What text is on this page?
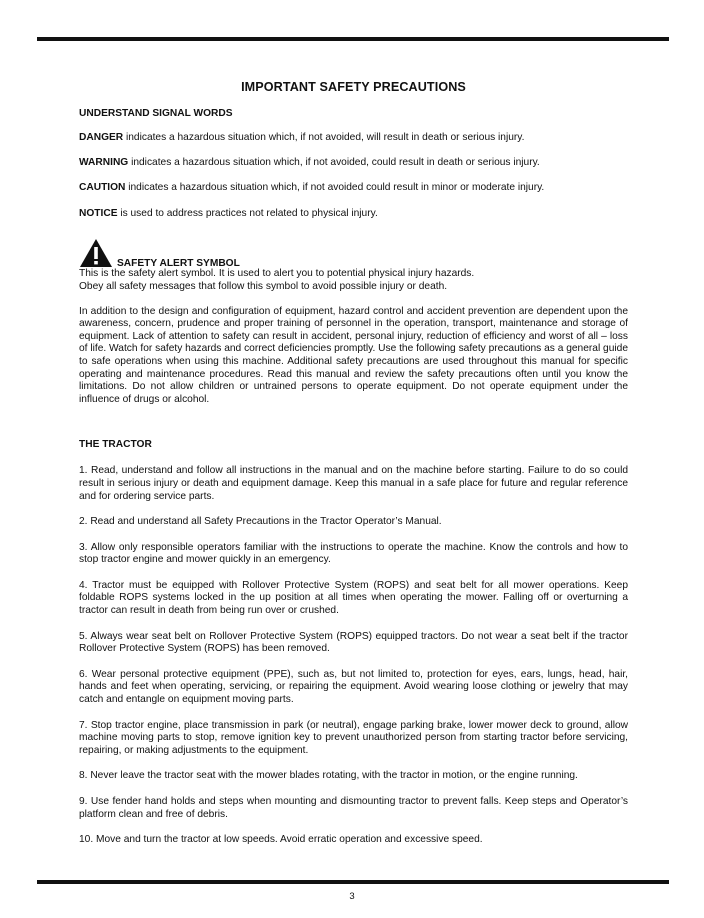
IMPORTANT SAFETY PRECAUTIONS
UNDERSTAND SIGNAL WORDS

DANGER indicates a hazardous situation which, if not avoided, will result in death or serious injury.

WARNING indicates a hazardous situation which, if not avoided, could result in death or serious injury.

CAUTION indicates a hazardous situation which, if not avoided could result in minor or moderate injury.

NOTICE is used to address practices not related to physical injury.

SAFETY ALERT SYMBOL

This is the safety alert symbol. It is used to alert you to potential physical injury hazards.

Obey all safety messages that follow this symbol to avoid possible injury or death.

In addition to the design and configuration of equipment, hazard control and accident prevention are dependent upon the awareness, concern, prudence and proper training of personnel in the operation, transport, maintenance and storage of equipment. Lack of attention to safety can result in accident, personal injury, reduction of efficiency and worst of all – loss of life. Watch for safety hazards and correct deficiencies promptly. Use the following safety precautions as a general guide to safe operations when using this machine. Additional safety precautions are used throughout this manual for specific operating and maintenance procedures. Read this manual and review the safety precautions often until you know the limitations. Do not allow children or untrained persons to operate equipment. Do not operate equipment under the influence of drugs or alcohol.

THE TRACTOR

1. Read, understand and follow all instructions in the manual and on the machine before starting. Failure to do so could result in serious injury or death and equipment damage. Keep this manual in a safe place for future and regular reference and for ordering service parts.

2. Read and understand all Safety Precautions in the Tractor Operator’s Manual.

3. Allow only responsible operators familiar with the instructions to operate the machine. Know the controls and how to stop tractor engine and mower quickly in an emergency.

4. Tractor must be equipped with Rollover Protective System (ROPS) and seat belt for all mower operations. Keep foldable ROPS systems locked in the up position at all times when operating the mower. Falling off or overturning a tractor can result in death from being run over or crushed.

5. Always wear seat belt on Rollover Protective System (ROPS) equipped tractors. Do not wear a seat belt if the tractor Rollover Protective System (ROPS) has been removed.

6. Wear personal protective equipment (PPE), such as, but not limited to, protection for eyes, ears, lungs, head, hair, hands and feet when operating, servicing, or repairing the equipment. Avoid wearing loose clothing or jewelry that may catch and entangle on equipment moving parts.

7. Stop tractor engine, place transmission in park (or neutral), engage parking brake, lower mower deck to ground, allow machine moving parts to stop, remove ignition key to prevent unauthorized person from starting tractor before servicing, repairing, or making adjustments to the equipment.

8. Never leave the tractor seat with the mower blades rotating, with the tractor in motion, or the engine running.

9. Use fender hand holds and steps when mounting and dismounting tractor to prevent falls. Keep steps and Operator’s platform clean and free of debris.

10. Move and turn the tractor at low speeds. Avoid erratic operation and excessive speed.

3
